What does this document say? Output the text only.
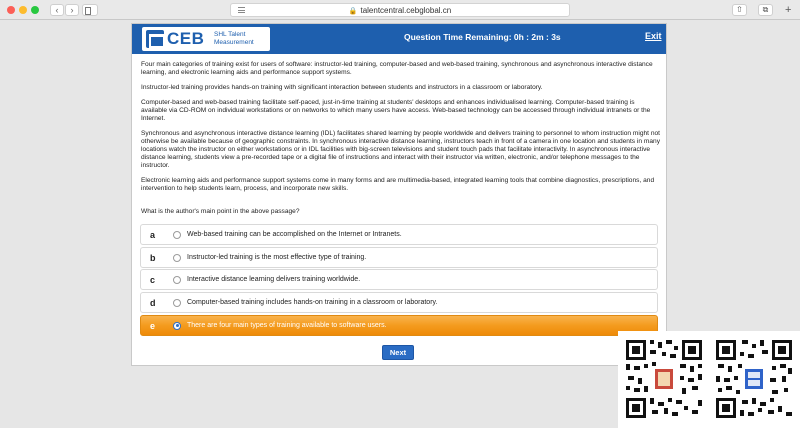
‹	›	🔒 talentcentral.cebglobal.cn	⇧	⧉	+
CEB SHL Talent Measurement
Question Time Remaining: 0h : 2m : 3s	Exit

Four main categories of training exist for users of software: instructor-led training, computer-based and web-based training, synchronous and asynchronous interactive distance learning, and electronic learning aids and performance support systems.

Instructor-led training provides hands-on training with significant interaction between students and instructors in a classroom or laboratory.

Computer-based and web-based training facilitate self-paced, just-in-time training at students' desktops and enhances individualised learning. Computer-based training is available via CD-ROM on individual workstations or on networks to which many users have access. Web-based technology can be accessed through individual intranets or the Internet.

Synchronous and asynchronous interactive distance learning (IDL) facilitates shared learning by people worldwide and delivers training to personnel to whom instruction might not otherwise be available because of geographic constraints. In synchronous interactive distance learning, instructors teach in front of a camera in one location and students in many locations watch the instructor on either workstations or in IDL facilities with big-screen televisions and student touch pads that facilitate interactivity. In asynchronous interactive distance learning, students view a pre-recorded tape or a digital file of instructions and interact with their instructor via written, electronic, and/or telephone messages to the instructor.

Electronic learning aids and performance support systems come in many forms and are multimedia-based, integrated learning tools that combine diagnostics, prescriptions, and intervention to help students learn, process, and incorporate new skills.

What is the author's main point in the above passage?
a	Web-based training can be accomplished on the Internet or Intranets.
b	Instructor-led training is the most effective type of training.
c	Interactive distance learning delivers training worldwide.
d	Computer-based training includes hands-on training in a classroom or laboratory.
e	There are four main types of training available to software users.
Next
